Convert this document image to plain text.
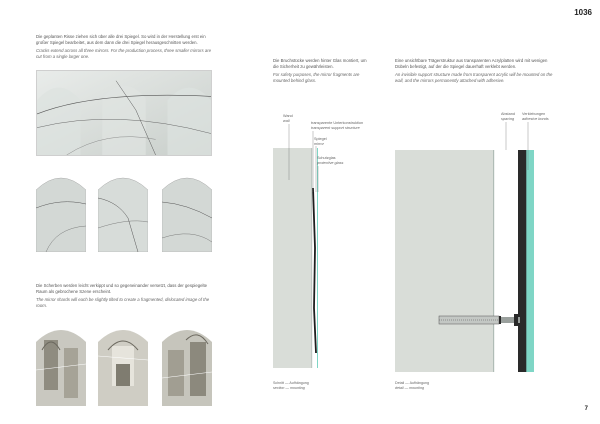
1036
7
Die geplanten Risse ziehen sich über alle drei Spiegel. So wird in der Herstellung erst ein großer Spiegel bearbeitet, aus dem dann die drei Spiegel herausgeschnitten werden.
Cracks extend across all three mirrors. For the production process, three smaller mirrors are cut from a single larger one.
Die Scherben werden leicht verkippt und so gegeneinander versetzt, dass der gespiegelte Raum als gebrochene Szene erscheint.
The mirror shards will each be slightly tilted to create a fragmented, dislocated image of the room.
Die Bruchstücke werden hinter Glas montiert, um die Sicherheit zu gewährleisten.
For safety purposes, the mirror fragments are mounted behind glass.
Wand
wall	transparente Unterkonstruktion
transparent support structure
Spiegel
mirror
Schutzglas
protective glass
Schnitt — Aufhängung
section — mounting
Eine unsichtbare Trägerstruktur aus transparenten Acrylplatten wird mit wenigen Dübeln befestigt, auf der die Spiegel dauerhaft verklebt werden.
An invisible support structure made from transparent acrylic will be mounted on the wall, and the mirrors permanently attached with adhesive.
Abstand
spacing
Verklebungen
adhesive bonds
Detail — Aufhängung
detail — mounting
